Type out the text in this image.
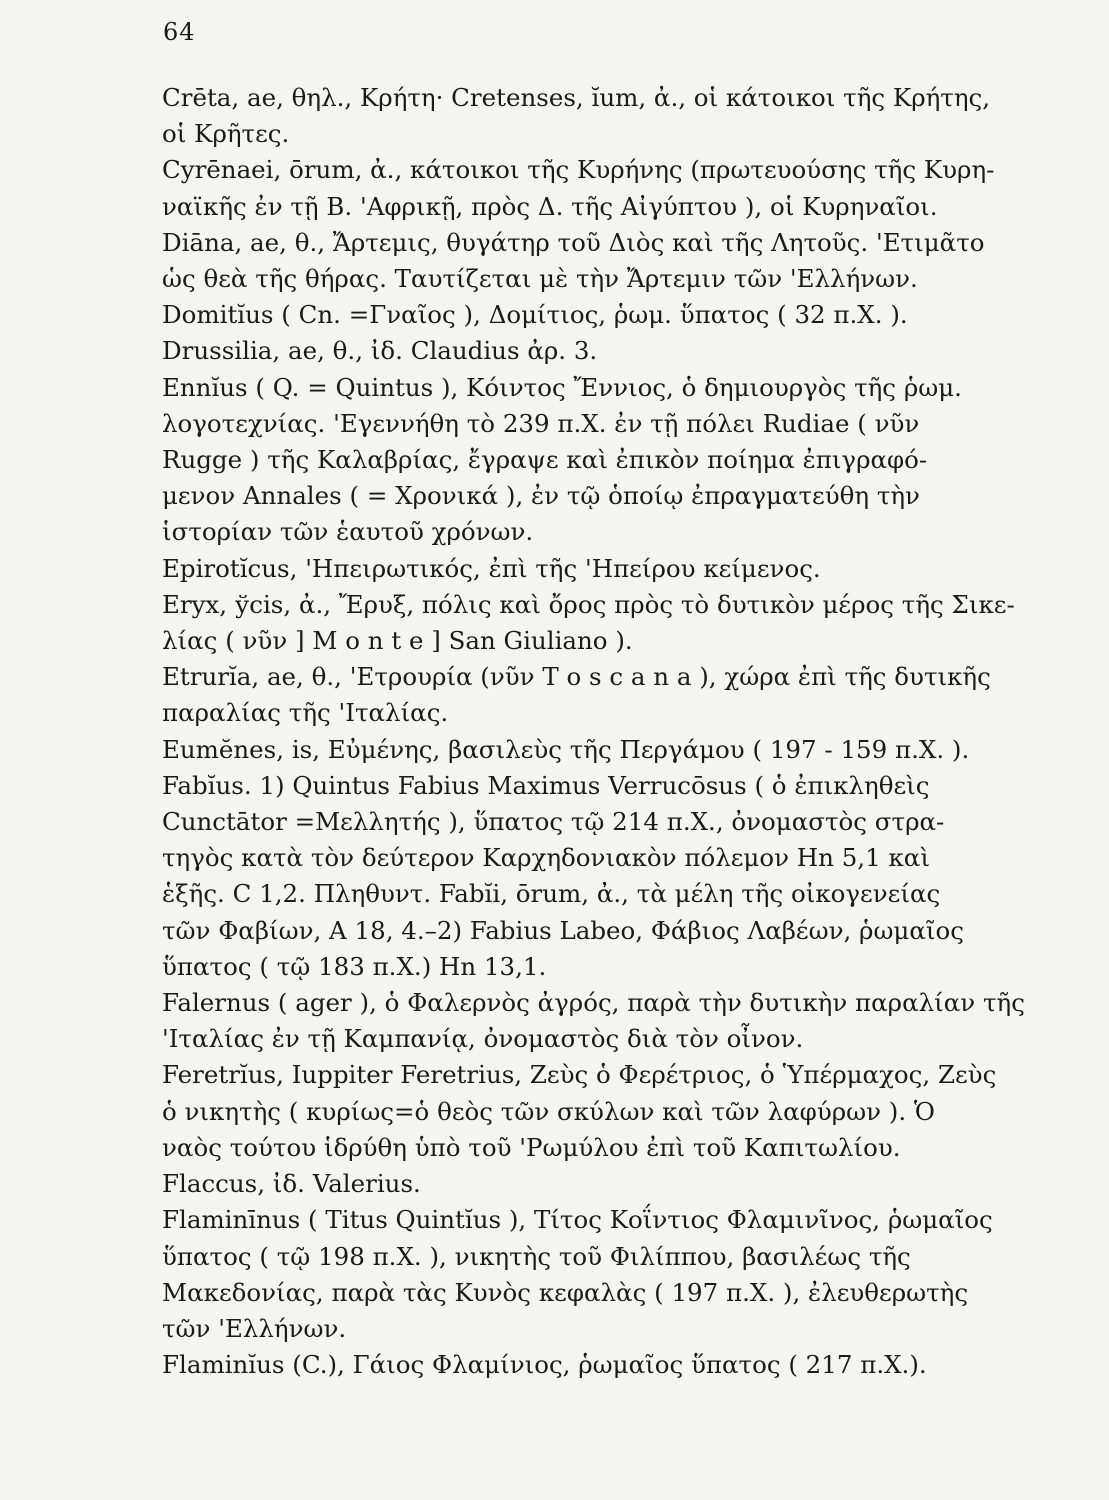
64
Crēta, ae, θηλ., Κρήτη· Cretenses, ĭum, ἀ., οἱ κάτοικοι τῆς Κρήτης,
οἱ Κρῆτες.
Cyrēnaei, ōrum, ἀ., κάτοικοι τῆς Κυρήνης (πρωτευούσης τῆς Κυρη-
ναϊκῆς ἐν τῇ Β. 'Αφρικῇ, πρὸς Δ. τῆς Αἰγύπτου ), οἱ Κυρηναῖοι.
Diāna, ae, θ., Ἄρτεμις, θυγάτηρ τοῦ Διὸς καὶ τῆς Λητοῦς. 'Ετιμᾶτο
ὡς θεὰ τῆς θήρας. Ταυτίζεται μὲ τὴν Ἄρτεμιν τῶν 'Ελλήνων.
Domitĭus ( Cn. =Γναῖος ), Δομίτιος, ῥωμ. ὕπατος ( 32 π.Χ. ).
Drussilia, ae, θ., ἰδ. Claudius ἀρ. 3.
Ennĭus ( Q. = Quintus ), Κόιντος Ἔννιος, ὁ δημιουργὸς τῆς ῥωμ.
λογοτεχνίας. 'Εγεννήθη τὸ 239 π.Χ. ἐν τῇ πόλει Rudiae ( νῦν
Rugge ) τῆς Καλαβρίας, ἔγραψε καὶ ἐπικὸν ποίημα ἐπιγραφό-
μενον Annales ( = Χρονικά ), ἐν τῷ ὁποίῳ ἐπραγματεύθη τὴν
ἱστορίαν τῶν ἑαυτοῦ χρόνων.
Epirotĭcus, 'Ηπειρωτικός, ἐπὶ τῆς 'Ηπείρου κείμενος.
Eryx, ўcis, ἀ., Ἔρυξ, πόλις καὶ ὄρος πρὸς τὸ δυτικὸν μέρος τῆς Σικε-
λίας ( νῦν ] M o n t e ] San Giuliano ).
Etrurĭa, ae, θ., 'Ετρουρία (νῦν T o s c a n a ), χώρα ἐπὶ τῆς δυτικῆς
παραλίας τῆς 'Ιταλίας.
Eumĕnes, is, Εὐμένης, βασιλεὺς τῆς Περγάμου ( 197 - 159 π.Χ. ).
Fabĭus. 1) Quintus Fabius Maximus Verrucōsus ( ὁ ἐπικληθεὶς
Cunctātor =Μελλητής ), ὕπατος τῷ 214 π.Χ., ὀνομαστὸς στρα-
τηγὸς κατὰ τὸν δεύτερον Καρχηδονιακὸν πόλεμον Hn 5,1 καὶ
ἑξῆς. C 1,2. Πληθυντ. Fabĭi, ōrum, ἀ., τὰ μέλη τῆς οἰκογενείας
τῶν Φαβίων, A 18, 4.–2) Fabius Labeo, Φάβιος Λαβέων, ῥωμαῖος
ὕπατος ( τῷ 183 π.Χ.) Hn 13,1.
Falernus ( ager ), ὁ Φαλερνὸς ἀγρός, παρὰ τὴν δυτικὴν παραλίαν τῆς
'Ιταλίας ἐν τῇ Καμπανίᾳ, ὀνομαστὸς διὰ τὸν οἶνον.
Feretrĭus, Iuppiter Feretrius, Ζεὺς ὁ Φερέτριος, ὁ Ὑπέρμαχος, Ζεὺς
ὁ νικητὴς ( κυρίως=ὁ θεὸς τῶν σκύλων καὶ τῶν λαφύρων ). Ὁ
ναὸς τούτου ἱδρύθη ὑπὸ τοῦ 'Ρωμύλου ἐπὶ τοῦ Καπιτωλίου.
Flaccus, ἰδ. Valerius.
Flaminīnus ( Titus Quintĭus ), Τίτος Κοΐντιος Φλαμινῖνος, ῥωμαῖος
ὕπατος ( τῷ 198 π.Χ. ), νικητὴς τοῦ Φιλίππου, βασιλέως τῆς
Μακεδονίας, παρὰ τὰς Κυνὸς κεφαλὰς ( 197 π.Χ. ), ἐλευθερωτὴς
τῶν 'Ελλήνων.
Flaminĭus (C.), Γάιος Φλαμίνιος, ῥωμαῖος ὕπατος ( 217 π.Χ.).
